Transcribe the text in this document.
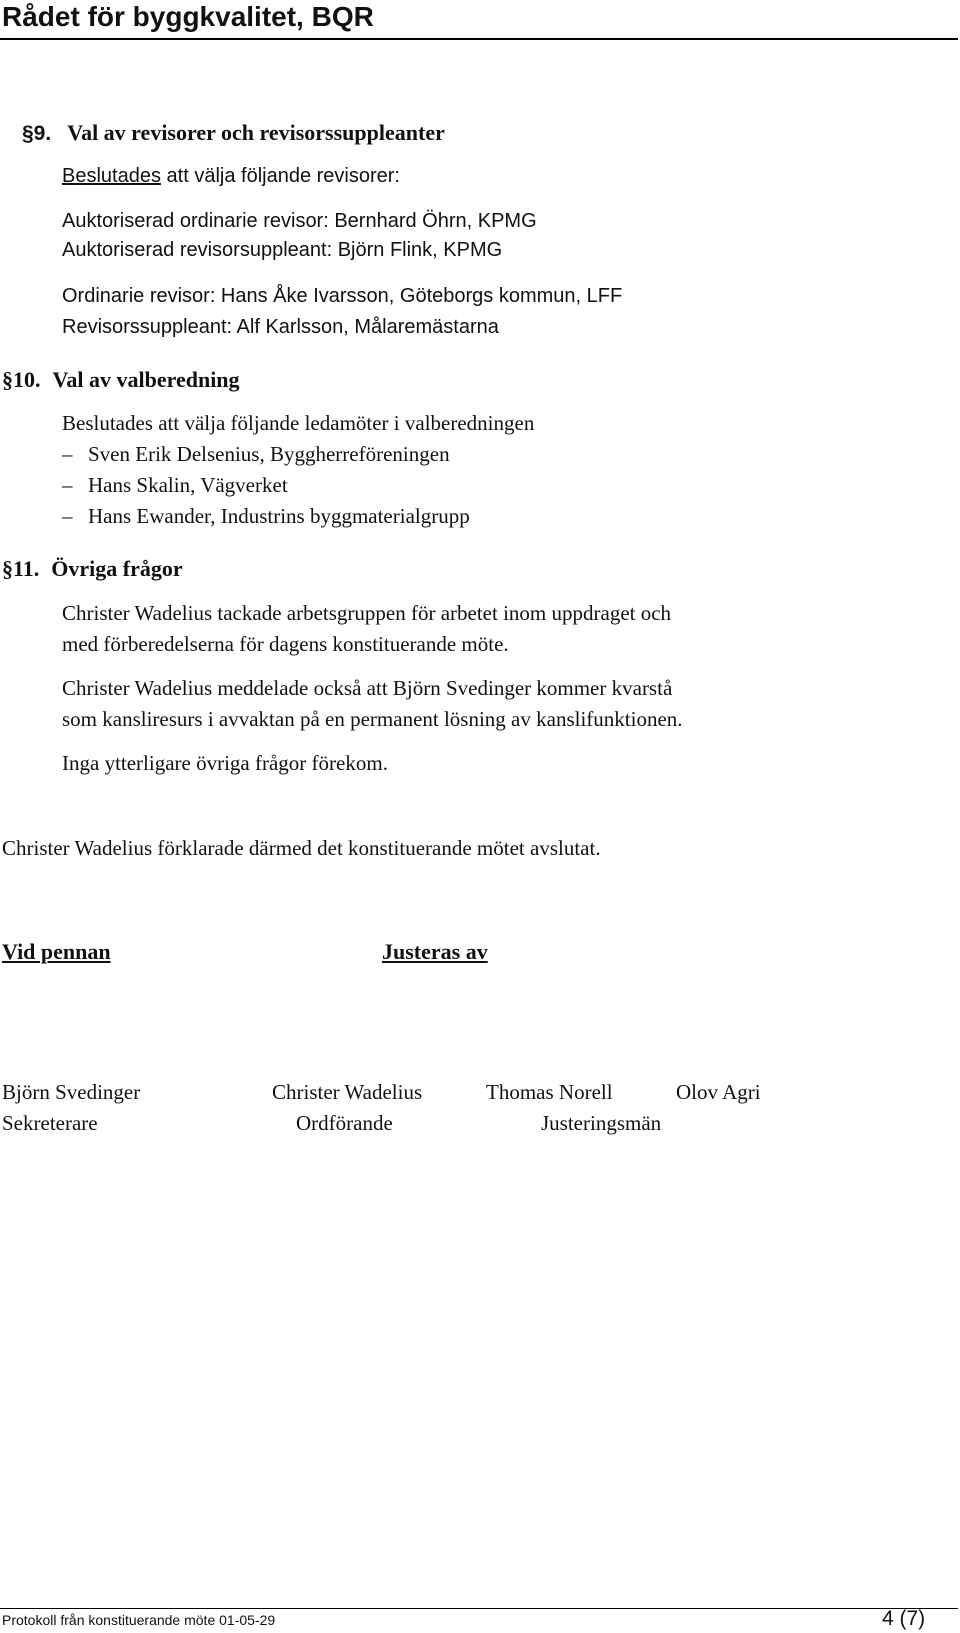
Rådet för byggkvalitet, BQR
§9. Val av revisorer och revisorssuppleanter
Beslutades att välja följande revisorer:
Auktoriserad ordinarie revisor: Bernhard Öhrn, KPMG
Auktoriserad revisorsuppleant: Björn Flink, KPMG
Ordinarie revisor: Hans Åke Ivarsson, Göteborgs kommun, LFF
Revisorssuppleant: Alf Karlsson, Målaremästarna
§10. Val av valberedning
Beslutades att välja följande ledamöter i valberedningen
– Sven Erik Delsenius, Byggherreföreningen
– Hans Skalin, Vägverket
– Hans Ewander, Industrins byggmaterialgrupp
§11. Övriga frågor
Christer Wadelius tackade arbetsgruppen för arbetet inom uppdraget och
med förberedelserna för dagens konstituerande möte.
Christer Wadelius meddelade också att Björn Svedinger kommer kvarstå
som kansliresurs i avvaktan på en permanent lösning av kanslifunktionen.
Inga ytterligare övriga frågor förekom.
Christer Wadelius förklarade därmed det konstituerande mötet avslutat.
Vid pennan	Justeras av
Björn Svedinger	Christer Wadelius	Thomas Norell	Olov Agri
Sekreterare	Ordförande	Justeringsmän
Protokoll från konstituerande möte 01-05-29	4 (7)
